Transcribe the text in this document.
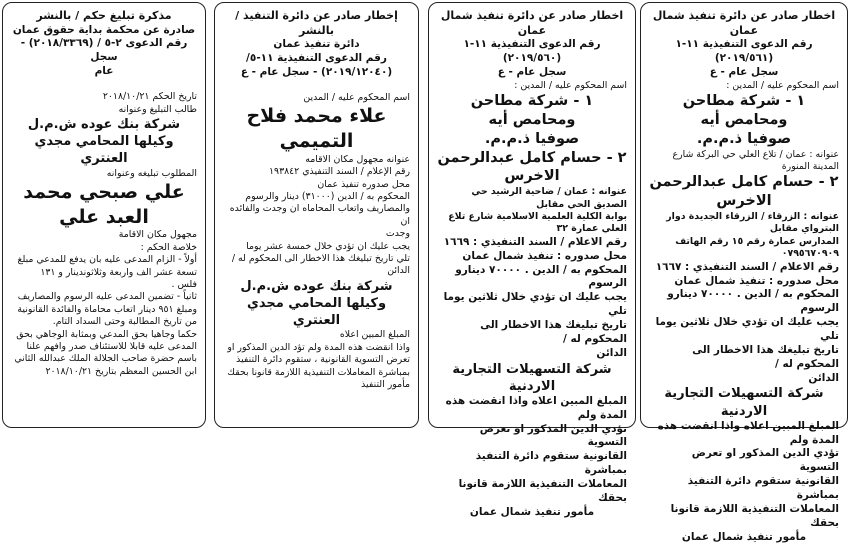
اخطار صادر عن دائرة تنفيذ شمال عمان

رقم الدعوى التنفيذية ١١-١ (٢٠١٩/٥٦١)

سجل عام - ع

اسم المحكوم عليه / المدين :

١ - شركة مطاحن ومحامص أيه

صوفيا ذ.م.م.

عنوانه : عمان / تلاع العلي حي البركة شارع المدينة المنورة

٢ - حسام كامل عبدالرحمن

الاخرس

عنوانه : الزرقاء / الزرقاء الجديدة دوار البترواي مقابل

المدارس عمارة رقم ١٥ رقم الهاتف ٠٧٩٥٦٧٠٩٠٩

رقم الاعلام / السند التنفيذي : ١٦٦٧

محل صدوره : تنفيذ شمال عمان

المحكوم به / الدين . ٧٠٠٠٠ دينارو الرسوم

يجب عليك ان تؤدي خلال ثلاثين يوما تلي

تاريخ تبليغك هذا الاخطار الى المحكوم له /

الدائن

شركة التسهيلات التجارية الاردنية

المبلغ المبين اعلاه واذا انقضت هذه المدة ولم

تؤدي الدين المذكور او تعرض التسوية

القانونية ستقوم دائرة التنفيذ بمباشرة

المعاملات التنفيذية اللازمة قانونا بحقك

مأمور تنفيذ شمال عمان

اخطار صادر عن دائرة تنفيذ شمال عمان

رقم الدعوى التنفيذية ١١-١ (٢٠١٩/٥٦٠)

سجل عام - ع

اسم المحكوم عليه / المدين :

١ - شركة مطاحن ومحامص أيه

صوفيا ذ.م.م.

٢ - حسام كامل عبدالرحمن

الاخرس

عنوانه : عمان / ضاحية الرشيد حي الصديق الحي مقابل

بوابة الكلية العلمية الاسلامية شارع تلاع العلي عمارة ٣٢

رقم الاعلام / السند التنفيذي : ١٦٦٩

محل صدوره : تنفيذ شمال عمان

المحكوم به / الدين . ٧٠٠٠٠ دينارو الرسوم

يجب عليك ان تؤدي خلال ثلاثين يوما تلي

تاريخ تبليغك هذا الاخطار الى المحكوم له /

الدائن

شركة التسهيلات التجارية الاردنية

المبلغ المبين اعلاه واذا انقضت هذه المدة ولم

تؤدي الدين المذكور او تعرض التسوية

القانونية ستقوم دائرة التنفيذ بمباشرة

المعاملات التنفيذية اللازمة قانونا بحقك

مأمور تنفيذ شمال عمان

إخطار صادر عن دائرة التنفيذ / بالنشر

دائرة تنفيذ عمان

رقم الدعوى التنفيذية ١١-٥/

(٢٠١٩/١٢٠٤٠) - سجل عام - ع

اسم المحكوم عليه / المدين

علاء محمد فلاح التميمي

عنوانه مجهول مكان الاقامه

رقم الإعلام / السند التنفيذي ١٩٣٨٤٢

محل صدوره تنفيذ عمان

المحكوم به / الدين (٣١٠٠٠) دينار والرسوم

والمصاريف واتعاب المحاماه ان وجدت والفائده ان

وجدت

يجب عليك ان تؤدي خلال خمسة عشر يوما

تلي تاريخ تبليغك هذا الاخطار الى المحكوم له /

الدائن

شركة بنك عوده ش.م.ل

وكيلها المحامي مجدي العنتري

المبلغ المبين اعلاه

واذا انقضت هذه المدة ولم تؤد الدين المذكور او

تعرض التسوية القانونية ، ستقوم دائرة التنفيذ

بمباشرة المعاملات التنفيذية اللازمة قانونا بحقك

مأمور التنفيذ

مذكرة تبليغ حكم / بالنشر

صادرة عن محكمة بداية حقوق عمان

رقم الدعوى ٢-٥ / (٢٠١٨/٣٣٦٩) - سجل

عام

تاريخ الحكم ٢٠١٨/١٠/٢١

طالب التبليغ وعنوانه

شركة بنك عوده ش.م.ل

وكيلها المحامي مجدي العنتري

المطلوب تبليغه وعنوانه

علي صبحي محمد العبد علي

مجهول مكان الاقامة

خلاصة الحكم :

أولاً - الزام المدعى عليه بان يدفع للمدعي مبلغ

تسعة عشر الف واربعة وثلاثوندينار و ١٣١

فلس .

ثانياً - تضمين المدعى عليه الرسوم والمصاريف

ومبلغ ٩٥١ دينار اتعاب محاماة والفائدة القانونية

من تاريخ المطالبة وحتى السداد التام.

حكما وجاهيا بحق المدعي وبمثابة الوجاهي بحق

المدعى عليه قابلا للاستئناف صدر وافهم علنا

باسم حضرة صاحب الجلالة الملك عبدالله الثاني

ابن الحسين المعظم بتاريخ ٢٠١٨/١٠/٢١
